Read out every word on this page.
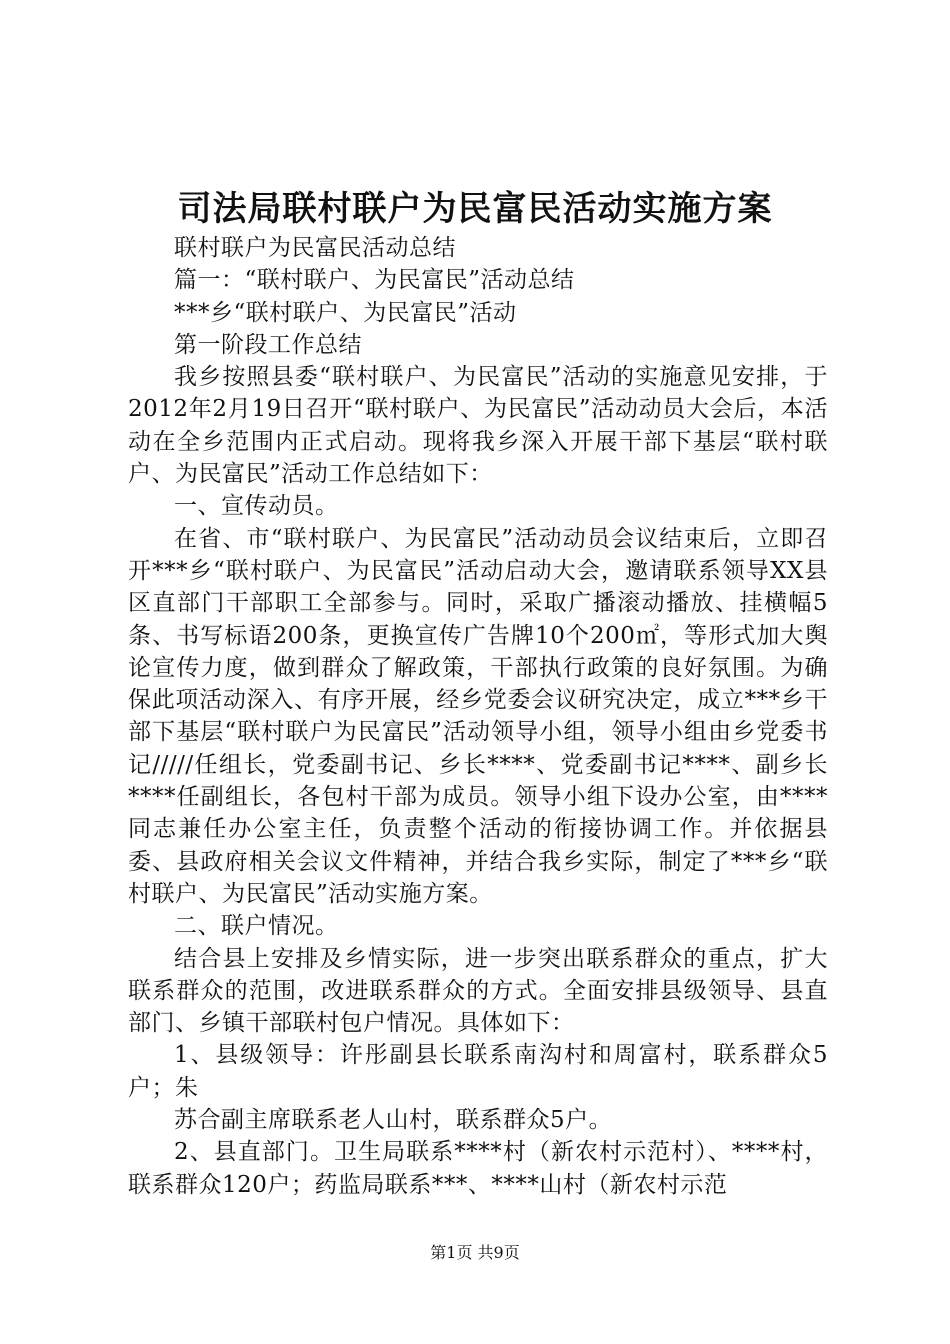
司法局联村联户为民富民活动实施方案

联村联户为民富民活动总结

篇一：“联村联户、为民富民”活动总结

***乡“联村联户、为民富民”活动

第一阶段工作总结

我乡按照县委“联村联户、为民富民”活动的实施意见安排，于2012年2月19日召开“联村联户、为民富民”活动动员大会后，本活动在全乡范围内正式启动。现将我乡深入开展干部下基层“联村联户、为民富民”活动工作总结如下：

一、宣传动员。

在省、市“联村联户、为民富民”活动动员会议结束后，立即召开***乡“联村联户、为民富民”活动启动大会，邀请联系领导XX县区直部门干部职工全部参与。同时，采取广播滚动播放、挂横幅5条、书写标语200条，更换宣传广告牌10个200㎡，等形式加大舆论宣传力度，做到群众了解政策，干部执行政策的良好氛围。为确保此项活动深入、有序开展，经乡党委会议研究决定，成立***乡干部下基层“联村联户为民富民”活动领导小组，领导小组由乡党委书记/////任组长，党委副书记、乡长****、党委副书记****、副乡长****任副组长，各包村干部为成员。领导小组下设办公室，由****同志兼任办公室主任，负责整个活动的衔接协调工作。并依据县委、县政府相关会议文件精神，并结合我乡实际，制定了***乡“联村联户、为民富民”活动实施方案。

二、联户情况。

结合县上安排及乡情实际，进一步突出联系群众的重点，扩大联系群众的范围，改进联系群众的方式。全面安排县级领导、县直部门、乡镇干部联村包户情况。具体如下：

1、县级领导：许彤副县长联系南沟村和周富村，联系群众5户；朱

苏合副主席联系老人山村，联系群众5户。

2、县直部门。卫生局联系****村（新农村示范村）、****村，联系群众120户；药监局联系***、****山村（新农村示范

第1页 共9页
